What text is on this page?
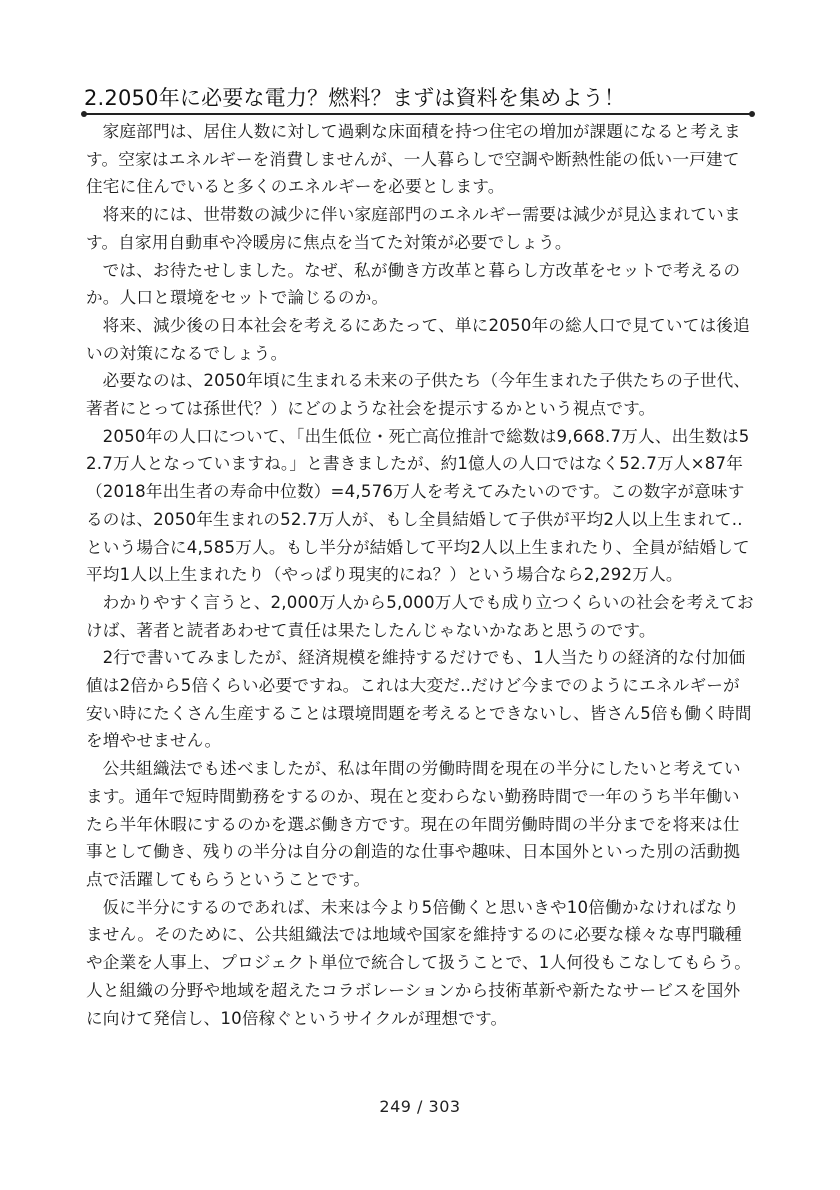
2.2050年に必要な電力？燃料？まずは資料を集めよう！

家庭部門は、居住人数に対して過剰な床面積を持つ住宅の増加が課題になると考えます。空家はエネルギーを消費しませんが、一人暮らしで空調や断熱性能の低い一戸建て住宅に住んでいると多くのエネルギーを必要とします。

将来的には、世帯数の減少に伴い家庭部門のエネルギー需要は減少が見込まれています。自家用自動車や冷暖房に焦点を当てた対策が必要でしょう。

では、お待たせしました。なぜ、私が働き方改革と暮らし方改革をセットで考えるのか。人口と環境をセットで論じるのか。

将来、減少後の日本社会を考えるにあたって、単に2050年の総人口で見ていては後追いの対策になるでしょう。

必要なのは、2050年頃に生まれる未来の子供たち（今年生まれた子供たちの子世代、著者にとっては孫世代？）にどのような社会を提示するかという視点です。

2050年の人口について、「出生低位・死亡高位推計で総数は9,668.7万人、出生数は52.7万人となっていますね。」と書きましたが、約1億人の人口ではなく52.7万人×87年（2018年出生者の寿命中位数）=4,576万人を考えてみたいのです。この数字が意味するのは、2050年生まれの52.7万人が、もし全員結婚して子供が平均2人以上生まれて..という場合に4,585万人。もし半分が結婚して平均2人以上生まれたり、全員が結婚して平均1人以上生まれたり（やっぱり現実的にね？）という場合なら2,292万人。

わかりやすく言うと、2,000万人から5,000万人でも成り立つくらいの社会を考えておけば、著者と読者あわせて責任は果たしたんじゃないかなあと思うのです。

2行で書いてみましたが、経済規模を維持するだけでも、1人当たりの経済的な付加価値は2倍から5倍くらい必要ですね。これは大変だ..だけど今までのようにエネルギーが安い時にたくさん生産することは環境問題を考えるとできないし、皆さん5倍も働く時間を増やせません。

公共組織法でも述べましたが、私は年間の労働時間を現在の半分にしたいと考えています。通年で短時間勤務をするのか、現在と変わらない勤務時間で一年のうち半年働いたら半年休暇にするのかを選ぶ働き方です。現在の年間労働時間の半分までを将来は仕事として働き、残りの半分は自分の創造的な仕事や趣味、日本国外といった別の活動拠点で活躍してもらうということです。

仮に半分にするのであれば、未来は今より5倍働くと思いきや10倍働かなければなりません。そのために、公共組織法では地域や国家を維持するのに必要な様々な専門職種や企業を人事上、プロジェクト単位で統合して扱うことで、1人何役もこなしてもらう。人と組織の分野や地域を超えたコラボレーションから技術革新や新たなサービスを国外に向けて発信し、10倍稼ぐというサイクルが理想です。

249 / 303
